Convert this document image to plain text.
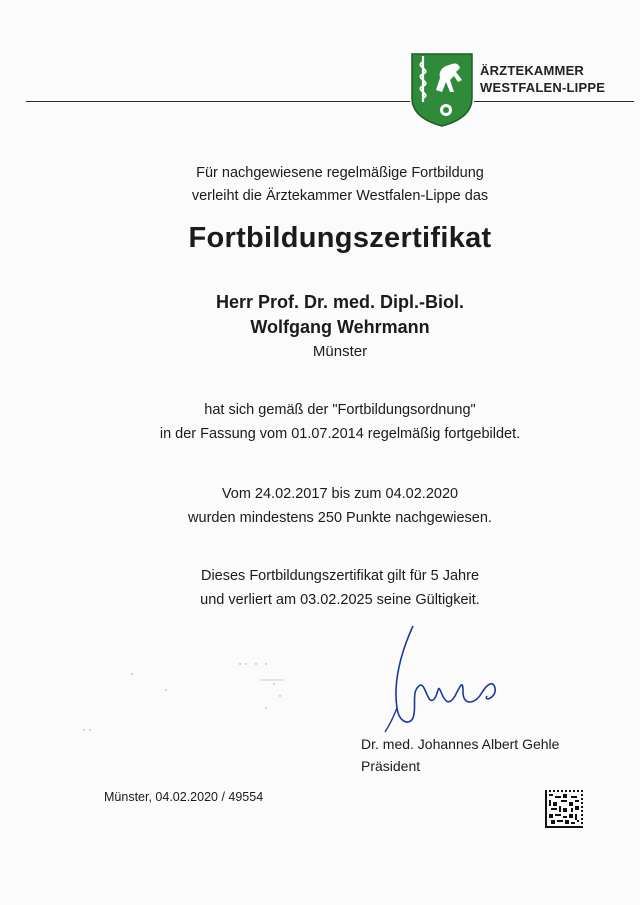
ÄRZTEKAMMER
WESTFALEN-LIPPE
Für nachgewiesene regelmäßige Fortbildung
verleiht die Ärztekammer Westfalen-Lippe das
Fortbildungszertifikat
Herr Prof. Dr. med. Dipl.-Biol.
Wolfgang Wehrmann
Münster
hat sich gemäß der "Fortbildungsordnung"
in der Fassung vom 01.07.2014 regelmäßig fortgebildet.
Vom 24.02.2017 bis zum 04.02.2020
wurden mindestens 250 Punkte nachgewiesen.
Dieses Fortbildungszertifikat gilt für 5 Jahre
und verliert am 03.02.2025 seine Gültigkeit.
Dr. med. Johannes Albert Gehle
Präsident
Münster, 04.02.2020 / 49554
